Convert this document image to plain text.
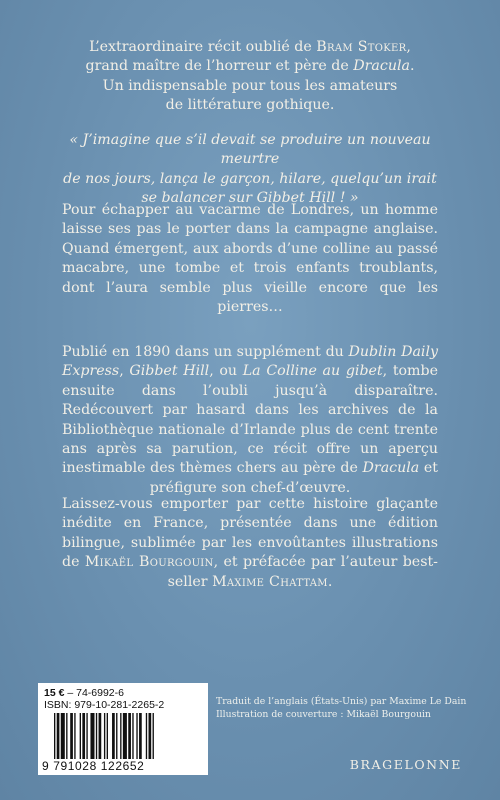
L’extraordinaire récit oublié de Bram Stoker,
grand maître de l’horreur et père de Dracula.
Un indispensable pour tous les amateurs
de littérature gothique.
« J’imagine que s’il devait se produire un nouveau meurtre
de nos jours, lança le garçon, hilare, quelqu’un irait
se balancer sur Gibbet Hill ! »
Pour échapper au vacarme de Londres, un homme laisse ses pas le porter dans la campagne anglaise. Quand émergent, aux abords d’une colline au passé macabre, une tombe et trois enfants troublants, dont l’aura semble plus vieille encore que les pierres…
Publié en 1890 dans un supplément du Dublin Daily Express, Gibbet Hill, ou La Colline au gibet, tombe ensuite dans l’oubli jusqu’à disparaître. Redécouvert par hasard dans les archives de la Bibliothèque nationale d’Irlande plus de cent trente ans après sa parution, ce récit offre un aperçu inestimable des thèmes chers au père de Dracula et préfigure son chef-d’œuvre.
Laissez-vous emporter par cette histoire glaçante inédite en France, présentée dans une édition bilingue, sublimée par les envoûtantes illustrations de Mikaël Bourgouin, et préfacée par l’auteur best-seller Maxime Chattam.
15 € – 74-6992-6
ISBN: 979-10-281-2265-2
9 791028 122652
Traduit de l’anglais (États-Unis) par Maxime Le Dain
Illustration de couverture : Mikaël Bourgouin
BRAGELONNE
